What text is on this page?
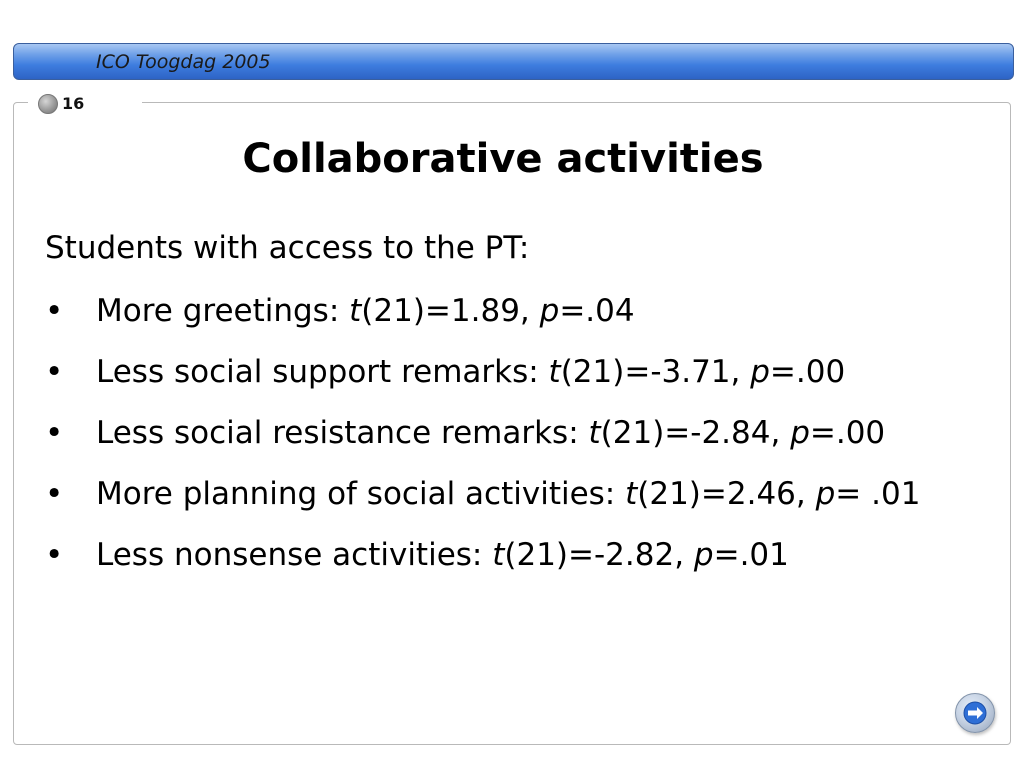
ICO Toogdag 2005
16
Collaborative activities
Students with access to the PT:
• More greetings: t(21)=1.89, p=.04
• Less social support remarks: t(21)=-3.71, p=.00
• Less social resistance remarks: t(21)=-2.84, p=.00
• More planning of social activities: t(21)=2.46, p= .01
• Less nonsense activities: t(21)=-2.82, p=.01
